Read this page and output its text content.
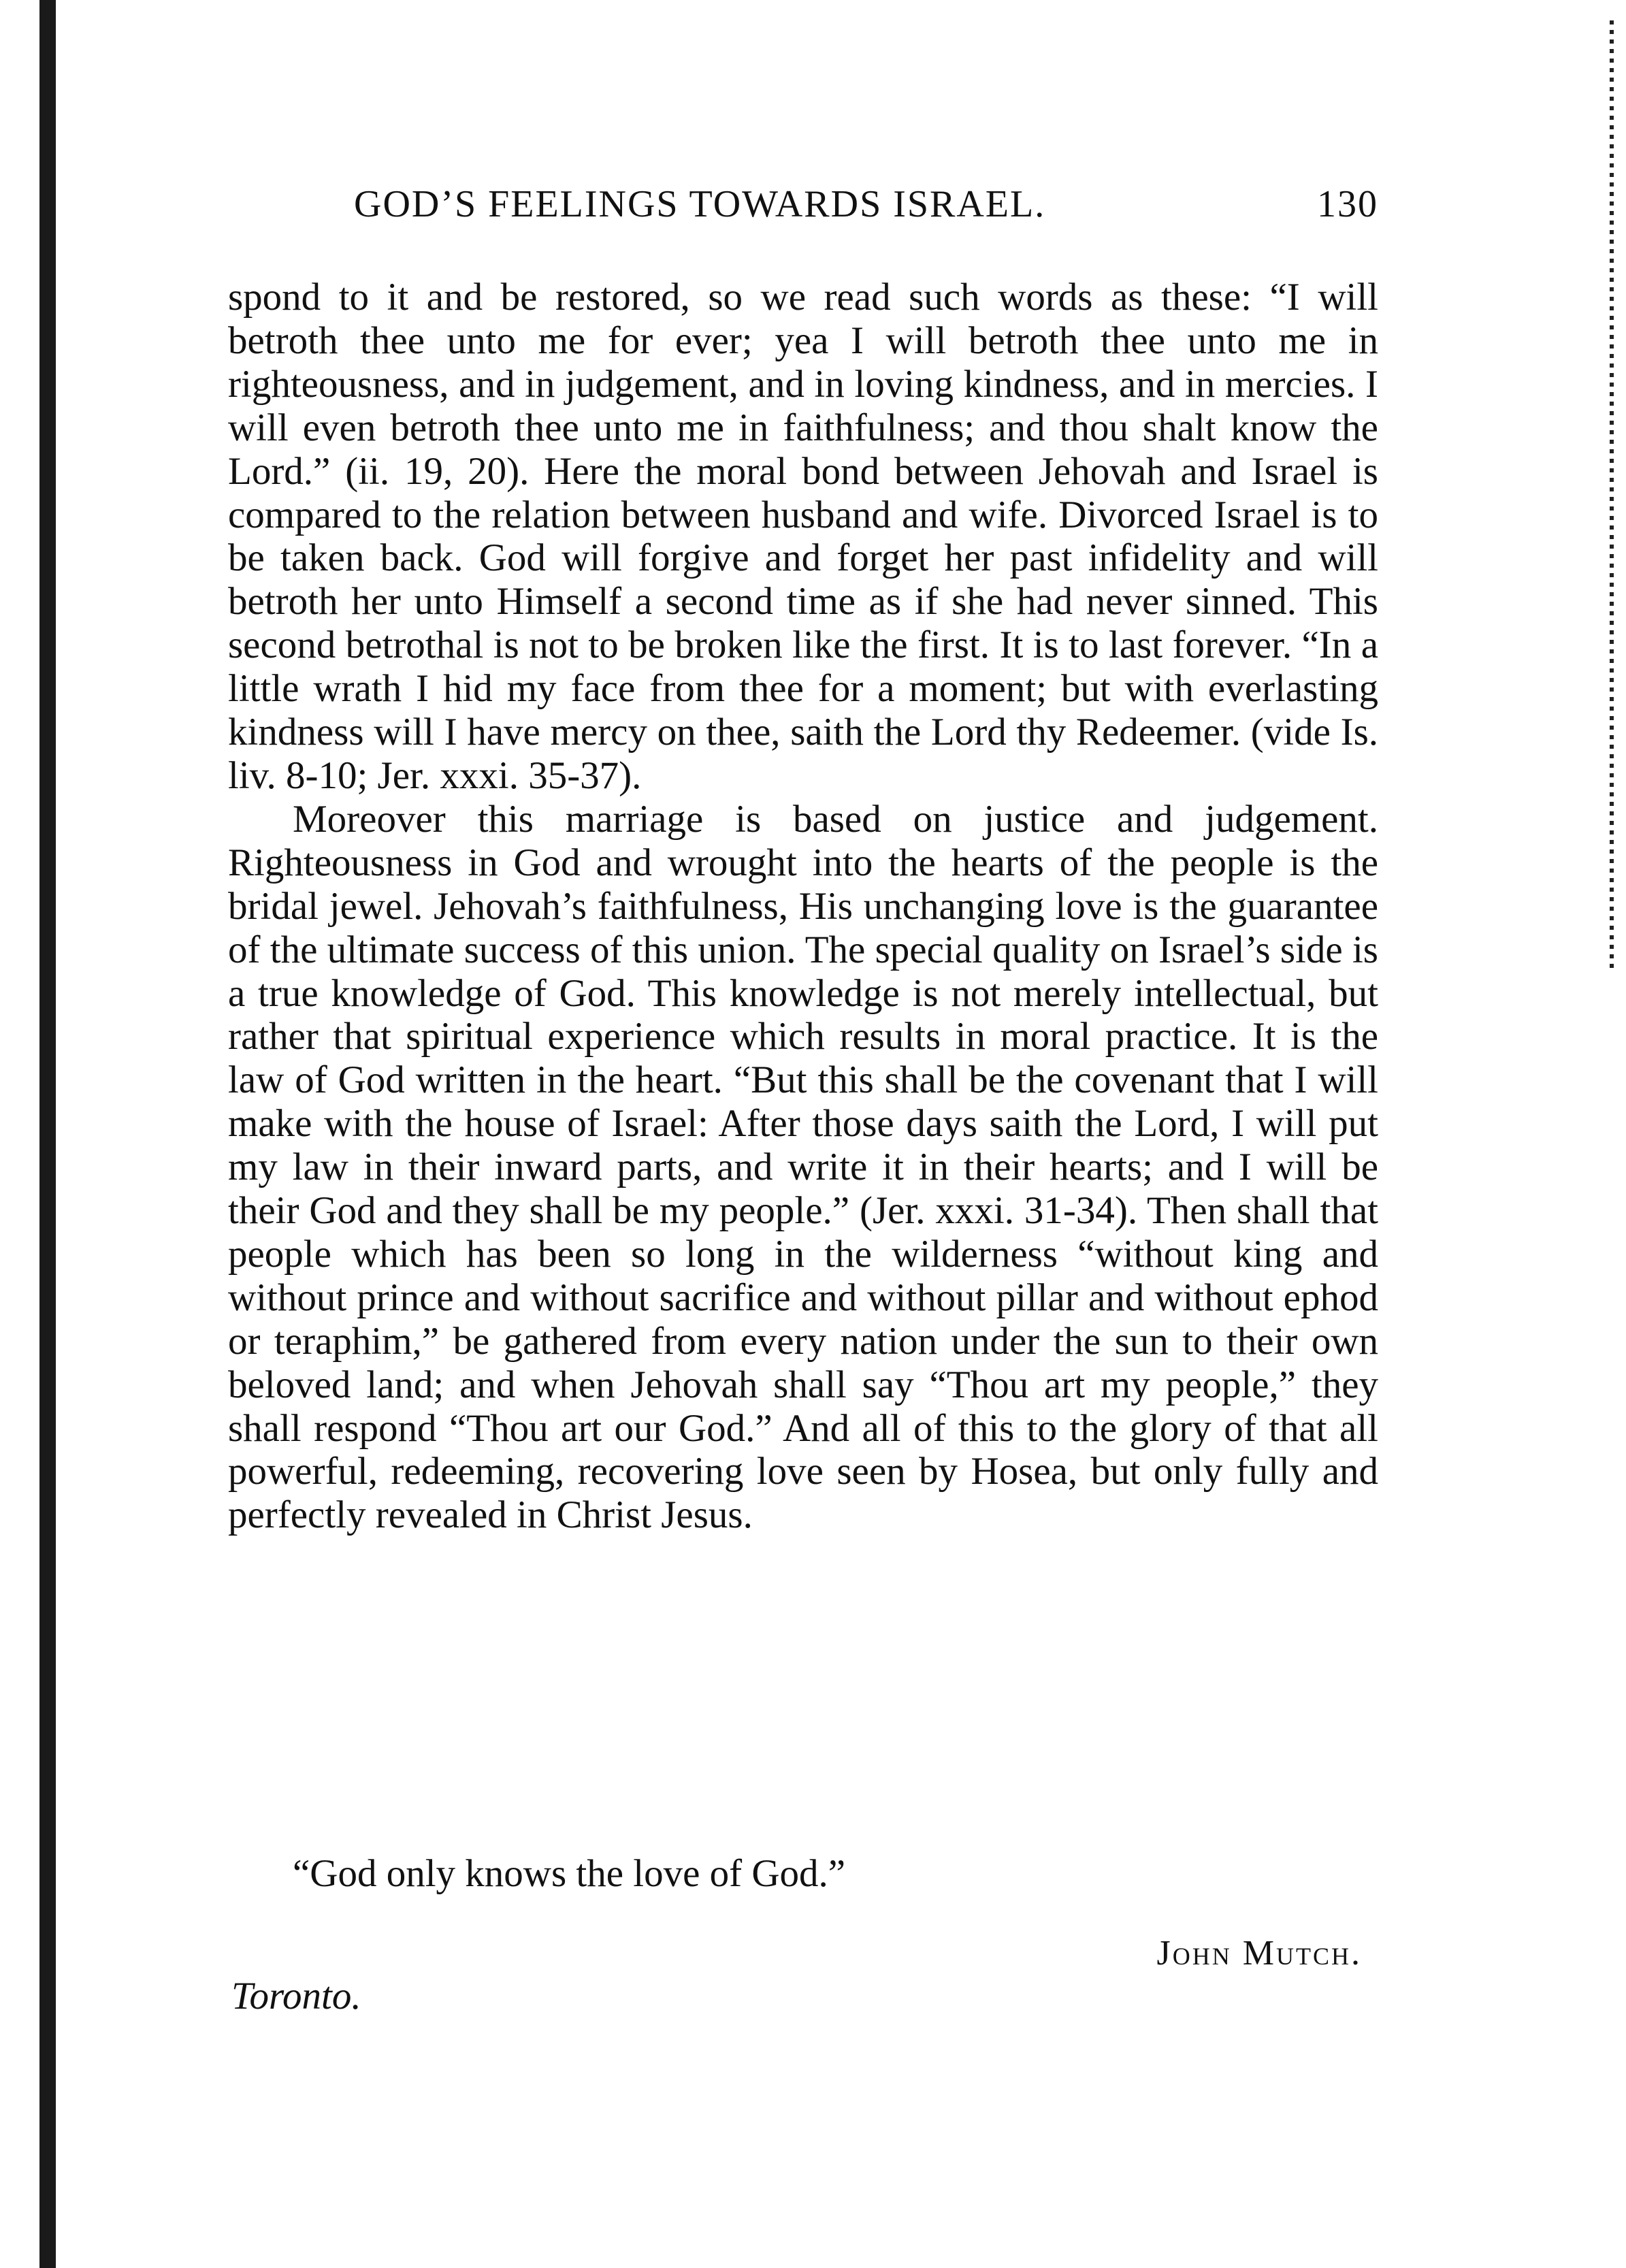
GOD’S FEELINGS TOWARDS ISRAEL.	130

spond to it and be restored, so we read such words as these: “I will betroth thee unto me for ever; yea I will betroth thee unto me in righteousness, and in judgement, and in loving kindness, and in mercies. I will even betroth thee unto me in faithfulness; and thou shalt know the Lord.” (ii. 19, 20). Here the moral bond between Jehovah and Israel is compared to the relation between husband and wife. Divorced Israel is to be taken back. God will forgive and forget her past infidelity and will betroth her unto Himself a second time as if she had never sinned. This second betrothal is not to be broken like the first. It is to last forever. “In a little wrath I hid my face from thee for a moment; but with everlasting kindness will I have mercy on thee, saith the Lord thy Redeemer. (vide Is. liv. 8-10; Jer. xxxi. 35-37).

Moreover this marriage is based on justice and judgement. Righteousness in God and wrought into the hearts of the people is the bridal jewel. Jehovah’s faithfulness, His unchanging love is the guarantee of the ultimate success of this union. The special quality on Israel’s side is a true knowledge of God. This knowledge is not merely intellectual, but rather that spiritual experience which results in moral practice. It is the law of God written in the heart. “But this shall be the covenant that I will make with the house of Israel: After those days saith the Lord, I will put my law in their inward parts, and write it in their hearts; and I will be their God and they shall be my people.” (Jer. xxxi. 31-34). Then shall that people which has been so long in the wilderness “without king and without prince and without sacrifice and without pillar and without ephod or teraphim,” be gathered from every nation under the sun to their own beloved land; and when Jehovah shall say “Thou art my people,” they shall respond “Thou art our God.” And all of this to the glory of that all powerful, redeeming, recovering love seen by Hosea, but only fully and perfectly revealed in Christ Jesus.

“God only knows the love of God.”
John Mutch.
Toronto.
